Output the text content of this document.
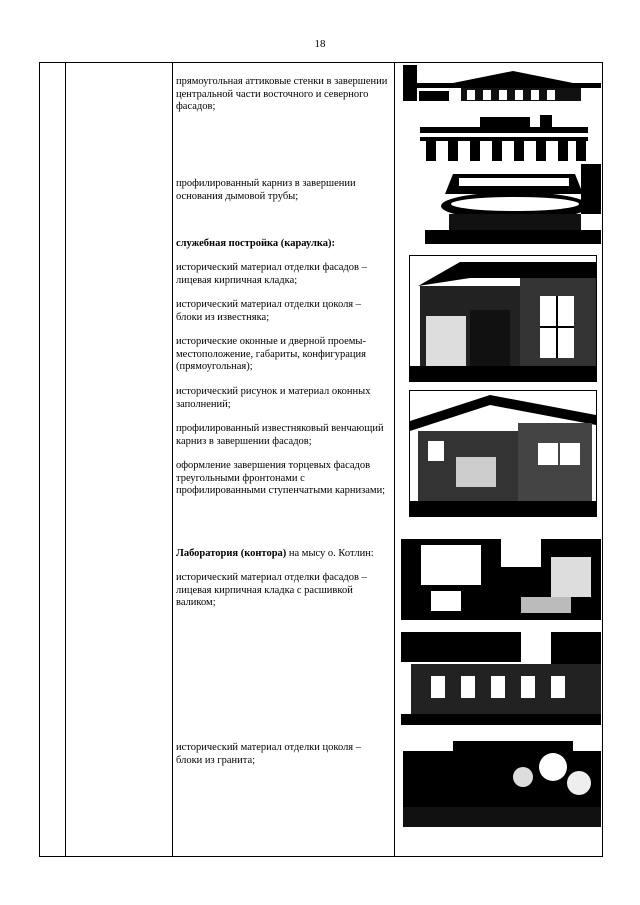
18
прямоугольная аттиковые стенки в завершении центральной части восточного и северного фасадов;
профилированный карниз в завершении основания дымовой трубы;
служебная постройка (караулка):
исторический материал отделки фасадов – лицевая кирпичная кладка;
исторический материал отделки цоколя – блоки из известняка;
исторические оконные и дверной проемы- местоположение, габариты, конфигурация (прямоугольная);
исторический рисунок и материал оконных заполнений;
профилированный известняковый венчающий карниз в завершении фасадов;
оформление завершения торцевых фасадов треугольными фронтонами с профилированными ступенчатыми карнизами;
Лаборатория (контора) на мысу о. Котлин:
исторический материал отделки фасадов – лицевая кирпичная кладка с расшивкой валиком;
исторический материал отделки цоколя – блоки из гранита;
